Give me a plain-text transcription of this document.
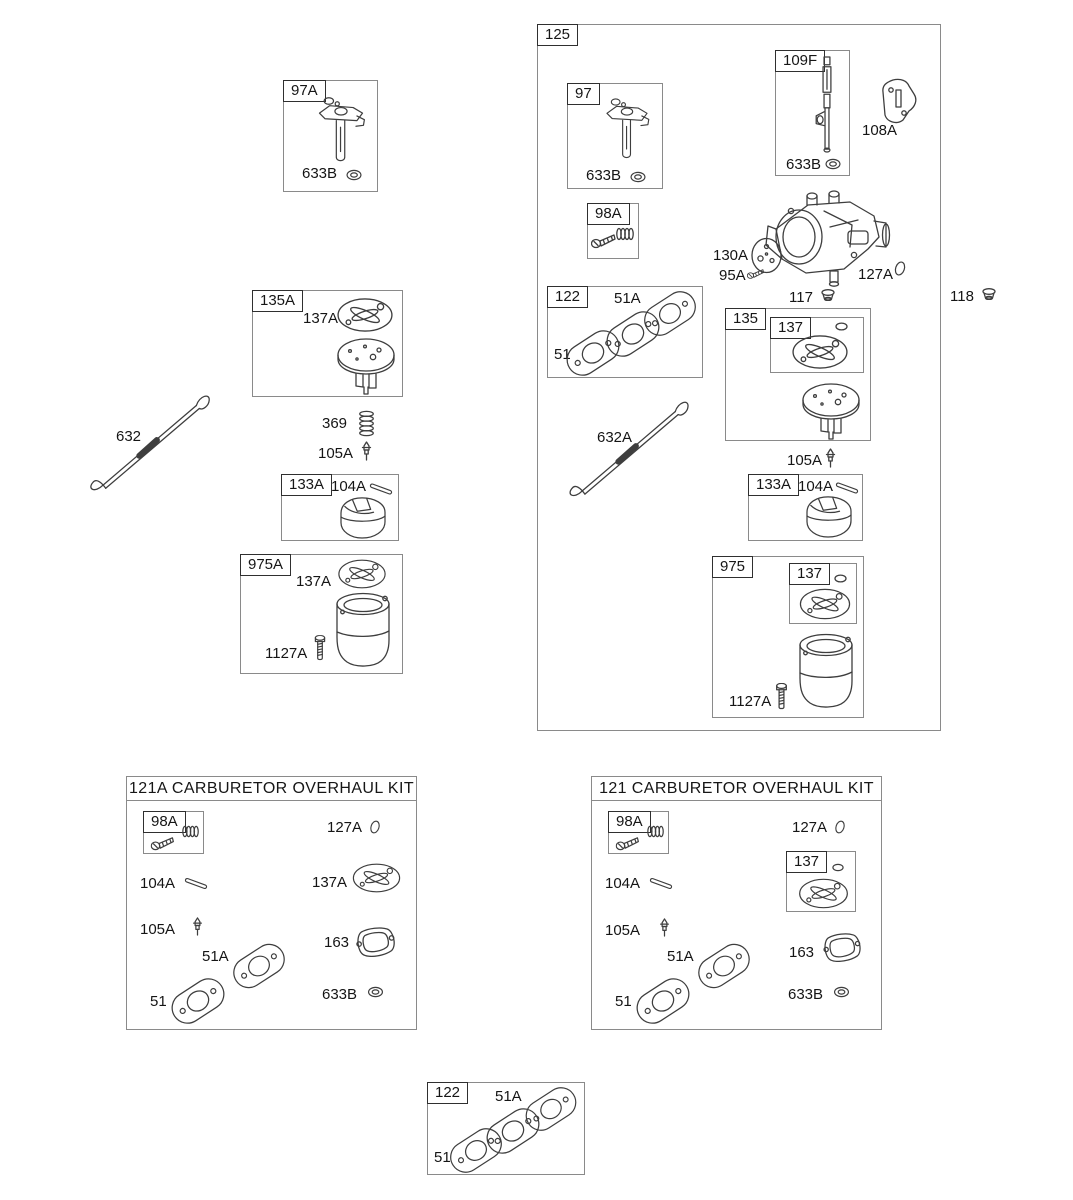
97A
633B
125
97
633B
109F
633B
108A
98A
130A
95A	127A
117
122	51A
51
135
137
632A
105A
133A 104A
975	137
1127A
118
135A
137A
369
105A
632
133A 104A
975A
137A
1127A
121A CARBURETOR OVERHAUL KIT
98A	127A
104A	137A
105A
51A
51
163
633B
121 CARBURETOR OVERHAUL KIT
98A	127A
137
104A
105A
51A
51
163
633B
122	51A
51
